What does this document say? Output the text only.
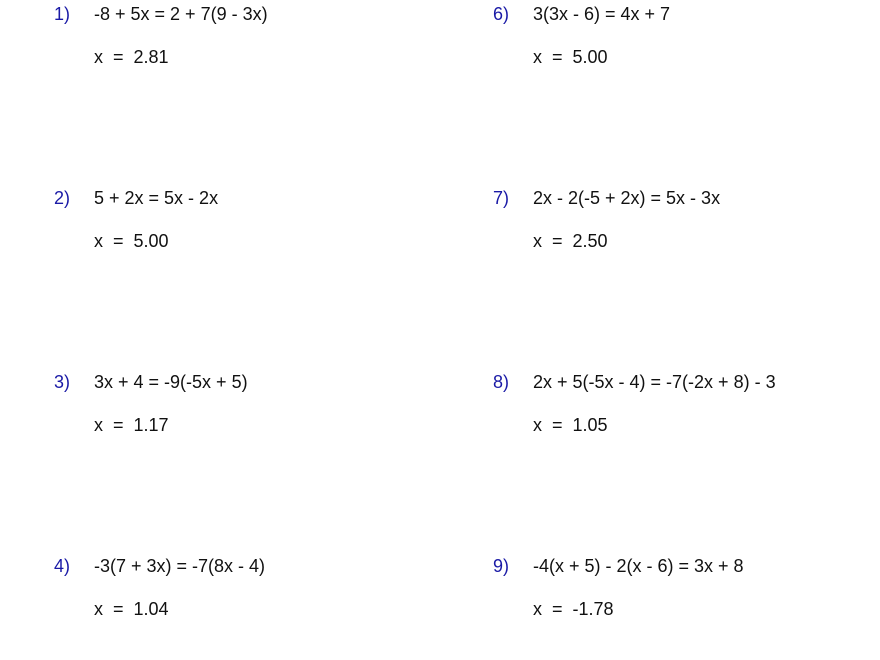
1) -8 + 5x = 2 + 7(9 - 3x)
x  =  2.81
2) 5 + 2x = 5x - 2x
x  =  5.00
3) 3x + 4 = -9(-5x + 5)
x  =  1.17
4) -3(7 + 3x) = -7(8x - 4)
x  =  1.04
6) 3(3x - 6) = 4x + 7
x  =  5.00
7) 2x - 2(-5 + 2x) = 5x - 3x
x  =  2.50
8) 2x + 5(-5x - 4) = -7(-2x + 8) - 3
x  =  1.05
9) -4(x + 5) - 2(x - 6) = 3x + 8
x  =  -1.78
